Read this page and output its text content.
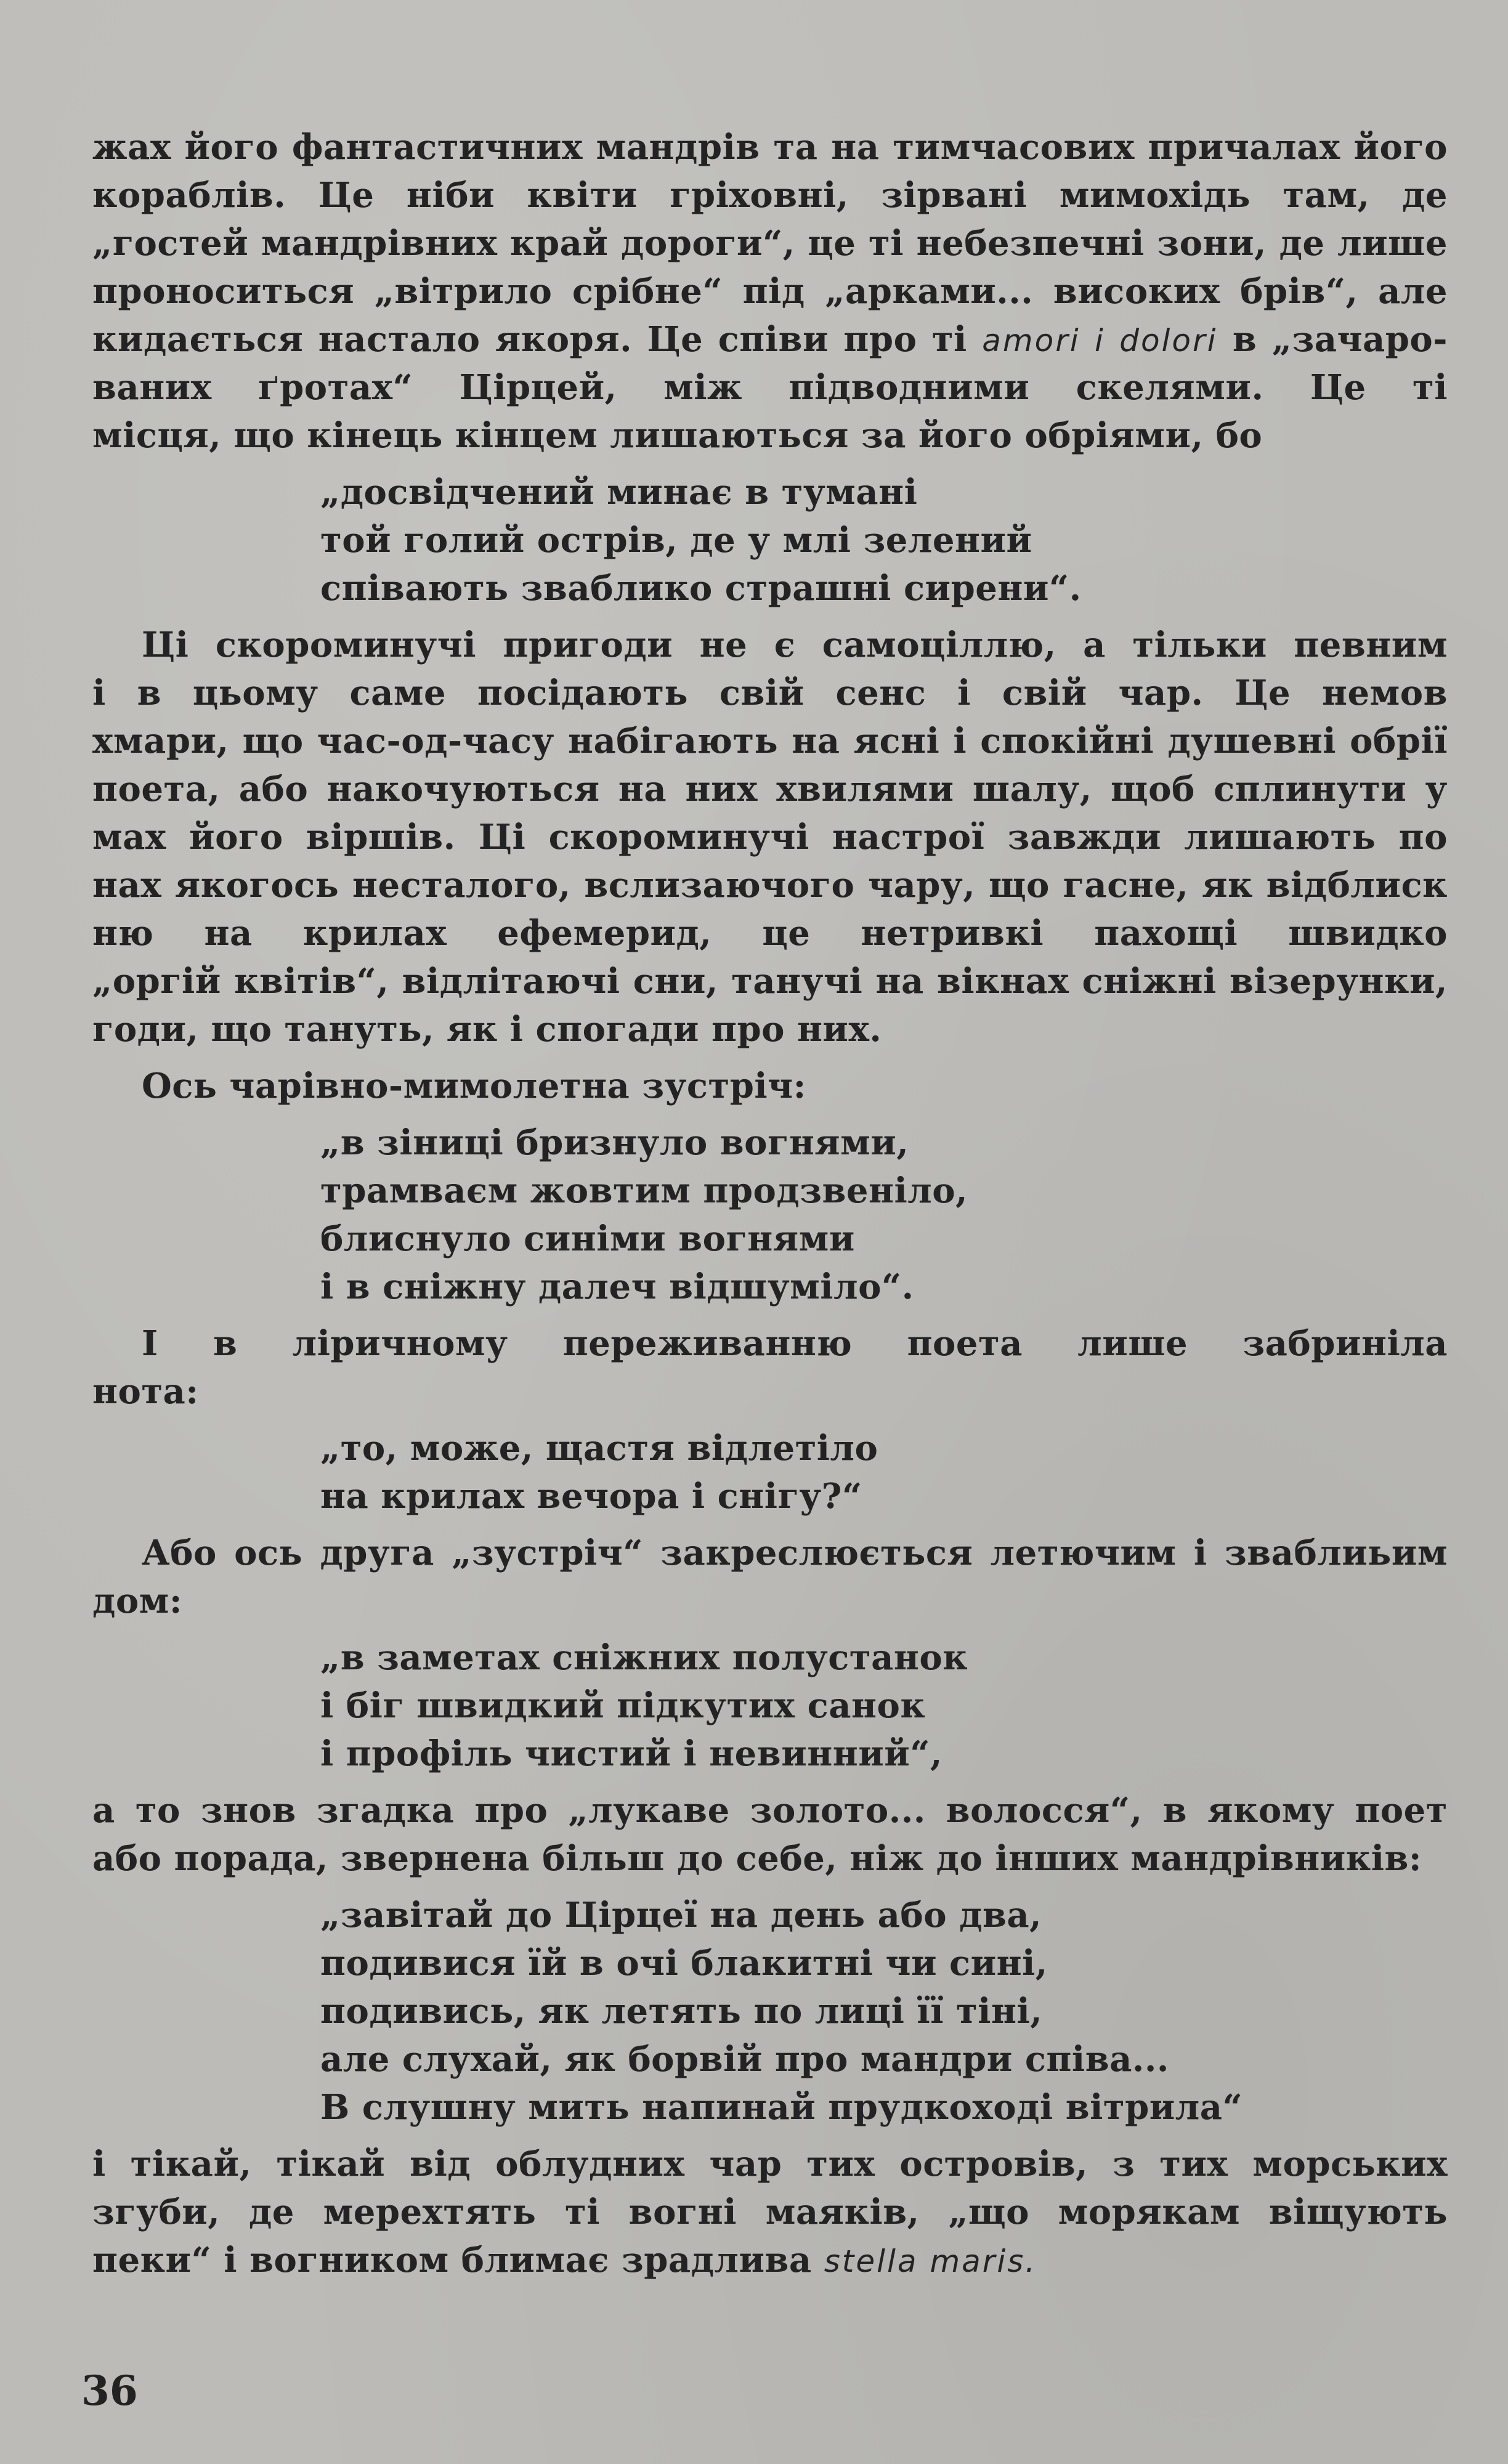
жах його фантастичних мандрів та на тимчасових причалах його
кораблів. Це ніби квіти гріховні, зірвані мимохідь там, де
„гостей мандрівних край дороги“, це ті небезпечні зони, де лише
проноситься „вітрило срібне“ під „арками... високих брів“, але
кидається настало якоря. Це співи про ті amori i dolori в „зачаро-
ваних ґротах“ Ціpцей, між підводними скелями. Це ті
місця, що кінець кінцем лишаються за його обріями, бо
„досвідчений минає в тумані
той голий острів, де у млі зелений
співають зваблико страшні сирени“.
Ці скороминучі пригоди не є самоціллю, а тільки певним
і в цьому саме посідають свій сенс і свій чар. Це немов
хмари, що час-од-часу набігають на ясні і спокійні душевні обрії
поета, або накочуються на них хвилями шалу, щоб сплинути у
мах його віршів. Ці скороминучі настрої завжди лишають по
нах якогось несталого, вслизаючого чару, що гасне, як відблиск
ню на крилах ефемерид, це нетривкі пахощі швидко
„оргій квітів“, відлітаючі сни, танучі на вікнах сніжні візерунки,
годи, що тануть, як і спогади про них.
Ось чарівно-мимолетна зустріч:
„в зіниці бризнуло вогнями,
трамваєм жовтим продзвеніло,
блиснуло синіми вогнями
і в сніжну далеч відшуміло“.
І в ліричному переживанню поета лише забриніла
нота:
„то, може, щастя відлетіло
на крилах вечора і снігу?“
Або ось друга „зустріч“ закреслюється летючим і зваблиьим
дом:
„в заметах сніжних полустанок
і біг швидкий підкутих санок
і профіль чистий і невинний“,
а то знов згадка про „лукаве золото... волосся“, в якому поет
або порада, звернена більш до себе, ніж до інших мандрівників:
„завітай до Ціpцеї на день або два,
подивися їй в очі блакитні чи сині,
подивись, як летять по лиці її тіні,
але слухай, як борвій про мандри співа...
В слушну мить напинай прудкоході вітрила“
і тікай, тікай від облудних чар тих островів, з тих морських
згуби, де мерехтять ті вогні маяків, „що морякам віщують
пеки“ і вогником блимає зрадлива stella maris.
36
